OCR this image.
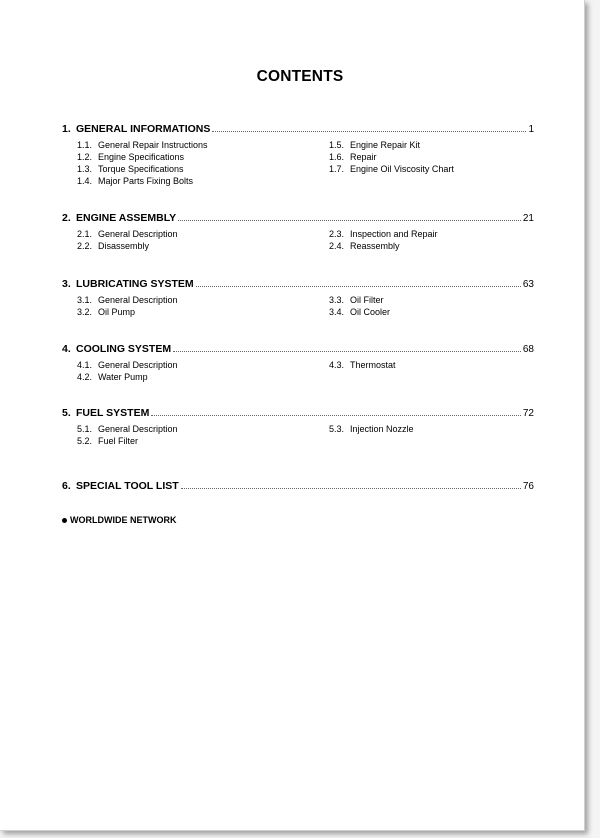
CONTENTS
1. GENERAL INFORMATIONS	1
1.1. General Repair Instructions
1.2. Engine Specifications
1.3. Torque Specifications
1.4. Major Parts Fixing Bolts
1.5. Engine Repair Kit
1.6. Repair
1.7. Engine Oil Viscosity Chart
2. ENGINE ASSEMBLY	21
2.1. General Description
2.2. Disassembly
2.3. Inspection and Repair
2.4. Reassembly
3. LUBRICATING SYSTEM	63
3.1. General Description
3.2. Oil Pump
3.3. Oil Filter
3.4. Oil Cooler
4. COOLING SYSTEM	68
4.1. General Description
4.2. Water Pump
4.3. Thermostat
5. FUEL SYSTEM	72
5.1. General Description
5.2. Fuel Filter
5.3. Injection Nozzle
6. SPECIAL TOOL LIST	76
WORLDWIDE NETWORK
